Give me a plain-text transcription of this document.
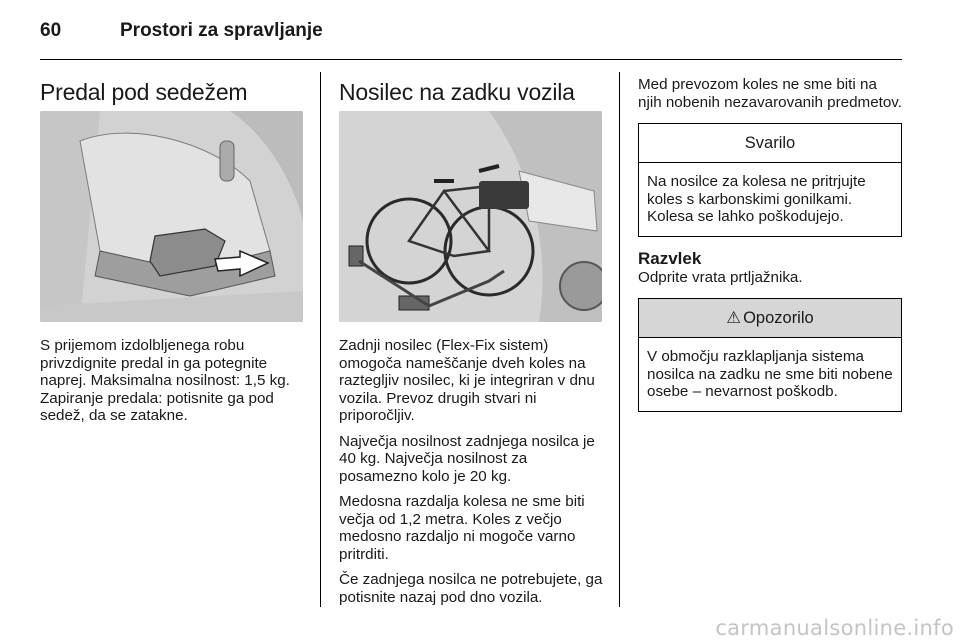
60	Prostori za spravljanje
Predal pod sedežem

S prijemom izdolbljenega robu privzdignite predal in ga potegnite naprej. Maksimalna nosilnost: 1,5 kg. Zapiranje predala: potisnite ga pod sedež, da se zatakne.

Nosilec na zadku vozila

Zadnji nosilec (Flex-Fix sistem) omogoča nameščanje dveh koles na raztegljiv nosilec, ki je integriran v dnu vozila. Prevoz drugih stvari ni priporočljiv.

Največja nosilnost zadnjega nosilca je 40 kg. Največja nosilnost za posamezno kolo je 20 kg.

Medosna razdalja kolesa ne sme biti večja od 1,2 metra. Koles z večjo medosno razdaljo ni mogoče varno pritrditi.

Če zadnjega nosilca ne potrebujete, ga potisnite nazaj pod dno vozila.

Med prevozom koles ne sme biti na njih nobenih nezavarovanih predmetov.

Svarilo

Na nosilce za kolesa ne pritrjujte koles s karbonskimi gonilkami. Kolesa se lahko poškodujejo.

Razvlek

Odprite vrata prtljažnika.

⚠ Opozorilo

V območju razklapljanja sistema nosilca na zadku ne sme biti nobene osebe – nevarnost poškodb.

carmanualsonline.info
